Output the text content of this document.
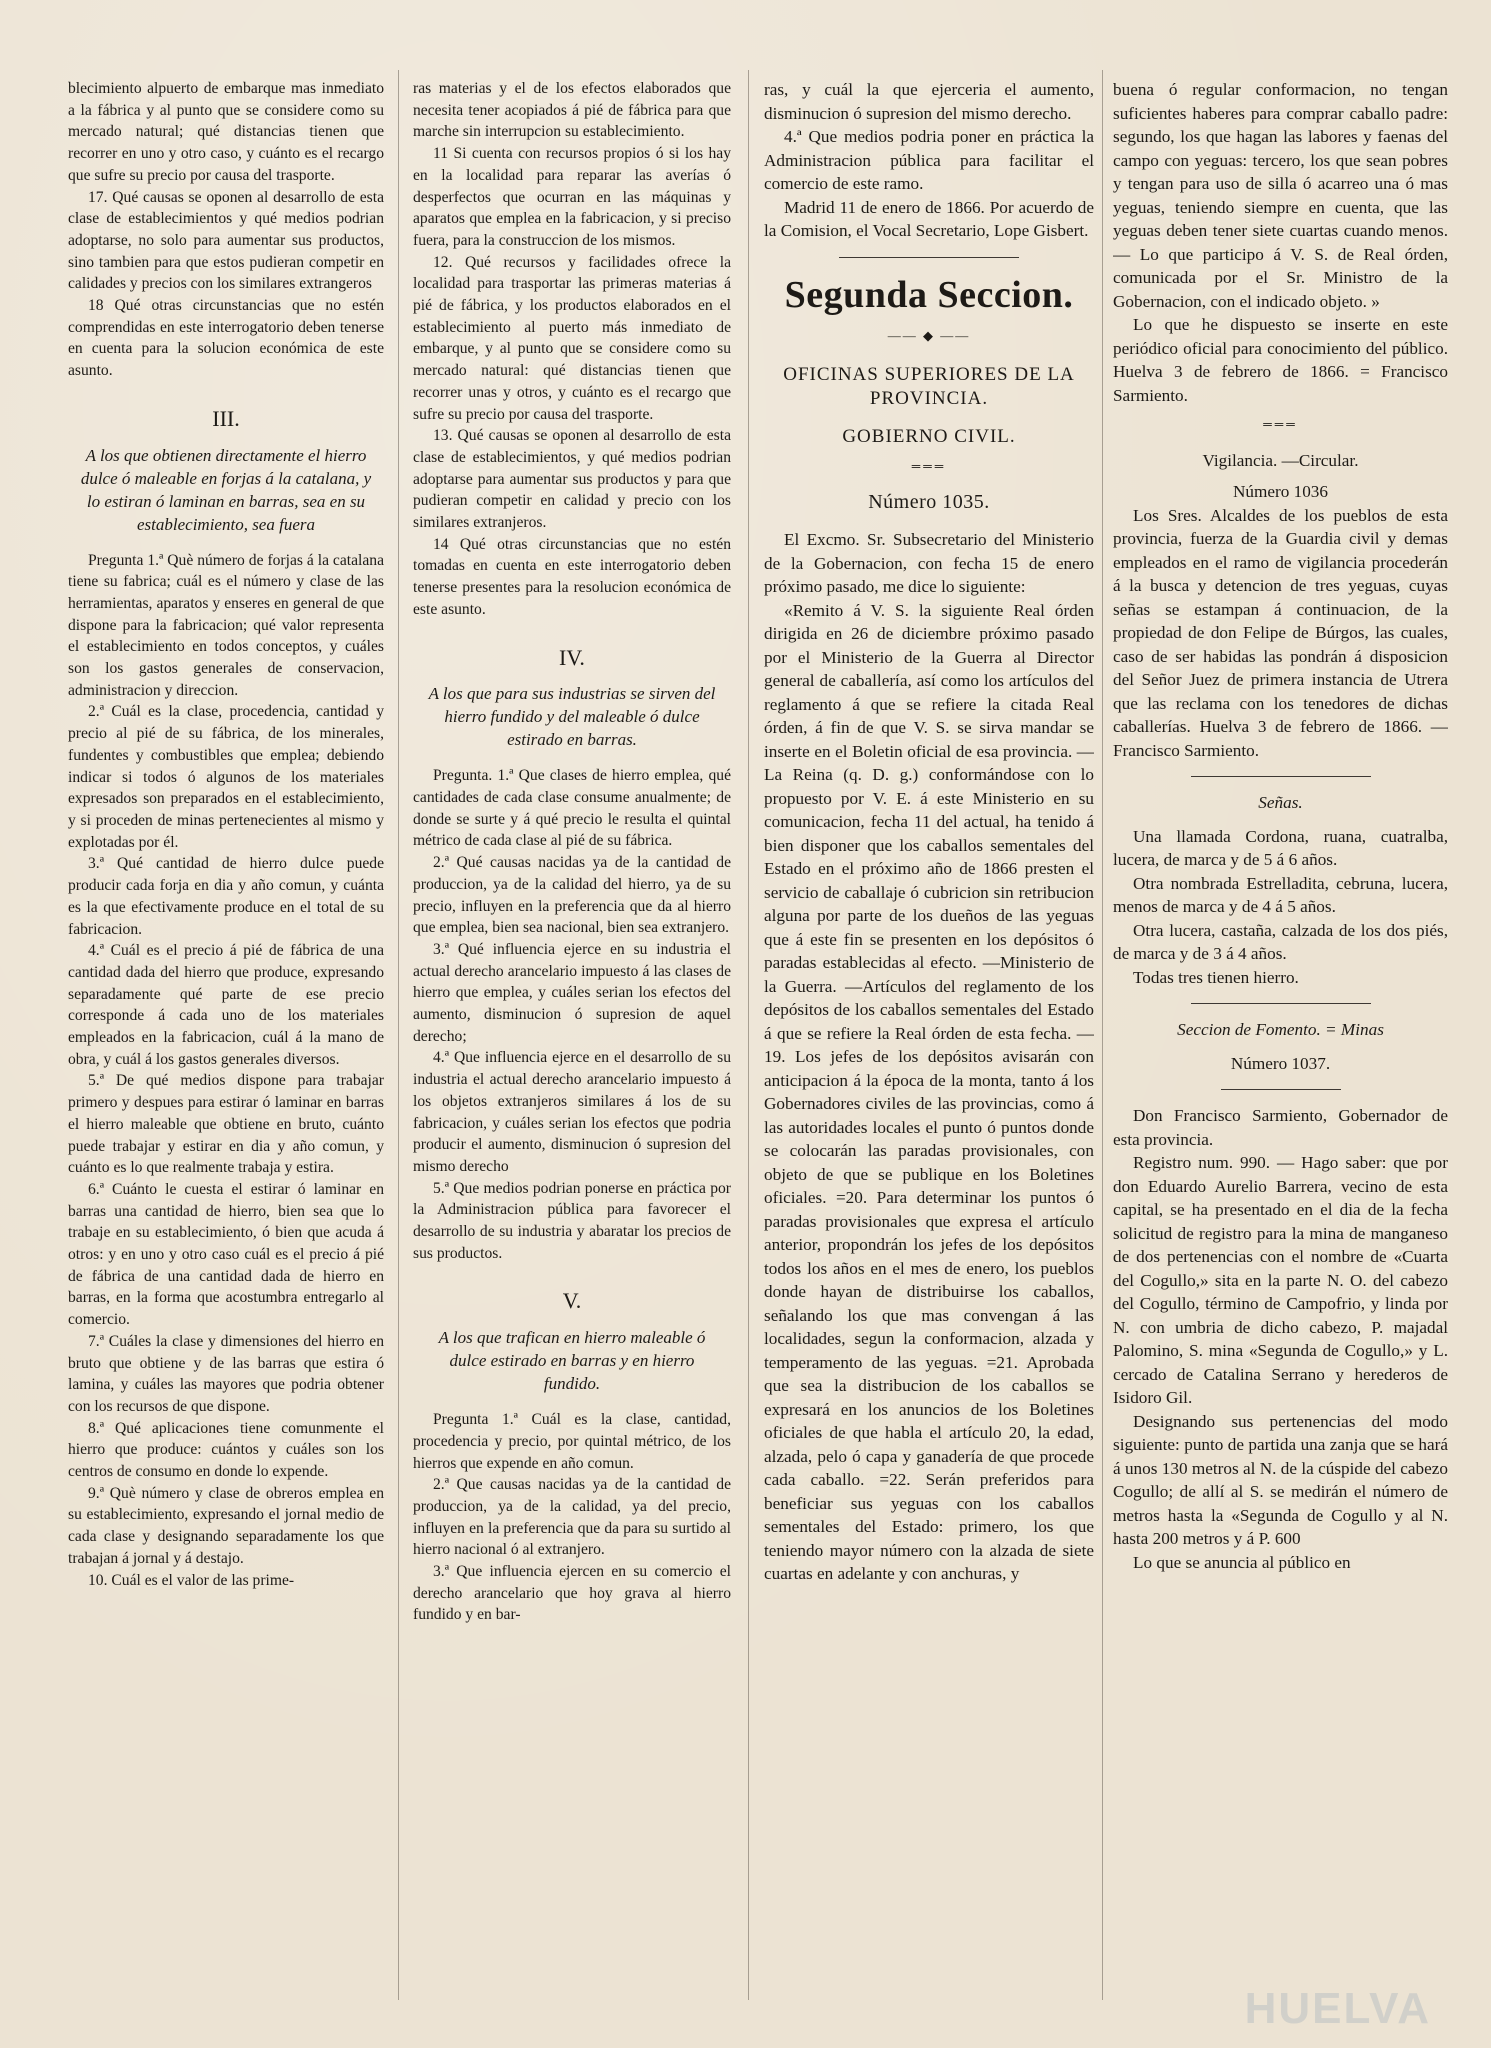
blecimiento alpuerto de embarque mas inmediato a la fábrica y al punto que se considere como su mercado natural; qué distancias tienen que recorrer en uno y otro caso, y cuánto es el recargo que sufre su precio por causa del trasporte.

17. Qué causas se oponen al desarrollo de esta clase de establecimientos y qué medios podrian adoptarse, no solo para aumentar sus productos, sino tambien para que estos pudieran competir en calidades y precios con los similares extrangeros

18 Qué otras circunstancias que no estén comprendidas en este interrogatorio deben tenerse en cuenta para la solucion económica de este asunto.

III.

A los que obtienen directamente el hierro dulce ó maleable en forjas á la catalana, y lo estiran ó laminan en barras, sea en su establecimiento, sea fuera

Pregunta 1.ª Què número de forjas á la catalana tiene su fabrica; cuál es el número y clase de las herramientas, aparatos y enseres en general de que dispone para la fabricacion; qué valor representa el establecimiento en todos conceptos, y cuáles son los gastos generales de conservacion, administracion y direccion.

2.ª Cuál es la clase, procedencia, cantidad y precio al pié de su fábrica, de los minerales, fundentes y combustibles que emplea; debiendo indicar si todos ó algunos de los materiales expresados son preparados en el establecimiento, y si proceden de minas pertenecientes al mismo y explotadas por él.

3.ª Qué cantidad de hierro dulce puede producir cada forja en dia y año comun, y cuánta es la que efectivamente produce en el total de su fabricacion.

4.ª Cuál es el precio á pié de fábrica de una cantidad dada del hierro que produce, expresando separadamente qué parte de ese precio corresponde á cada uno de los materiales empleados en la fabricacion, cuál á la mano de obra, y cuál á los gastos generales diversos.

5.ª De qué medios dispone para trabajar primero y despues para estirar ó laminar en barras el hierro maleable que obtiene en bruto, cuánto puede trabajar y estirar en dia y año comun, y cuánto es lo que realmente trabaja y estira.

6.ª Cuánto le cuesta el estirar ó laminar en barras una cantidad de hierro, bien sea que lo trabaje en su establecimiento, ó bien que acuda á otros: y en uno y otro caso cuál es el precio á pié de fábrica de una cantidad dada de hierro en barras, en la forma que acostumbra entregarlo al comercio.

7.ª Cuáles la clase y dimensiones del hierro en bruto que obtiene y de las barras que estira ó lamina, y cuáles las mayores que podria obtener con los recursos de que dispone.

8.ª Qué aplicaciones tiene comunmente el hierro que produce: cuántos y cuáles son los centros de consumo en donde lo expende.

9.ª Què número y clase de obreros emplea en su establecimiento, expresando el jornal medio de cada clase y designando separadamente los que trabajan á jornal y á destajo.

10. Cuál es el valor de las prime-

ras materias y el de los efectos elaborados que necesita tener acopiados á pié de fábrica para que marche sin interrupcion su establecimiento.

11 Si cuenta con recursos propios ó si los hay en la localidad para reparar las averías ó desperfectos que ocurran en las máquinas y aparatos que emplea en la fabricacion, y si preciso fuera, para la construccion de los mismos.

12. Qué recursos y facilidades ofrece la localidad para trasportar las primeras materias á pié de fábrica, y los productos elaborados en el establecimiento al puerto más inmediato de embarque, y al punto que se considere como su mercado natural: qué distancias tienen que recorrer unas y otros, y cuánto es el recargo que sufre su precio por causa del trasporte.

13. Qué causas se oponen al desarrollo de esta clase de establecimientos, y qué medios podrian adoptarse para aumentar sus productos y para que pudieran competir en calidad y precio con los similares extranjeros.

14 Qué otras circunstancias que no estén tomadas en cuenta en este interrogatorio deben tenerse presentes para la resolucion económica de este asunto.

IV.

A los que para sus industrias se sirven del hierro fundido y del maleable ó dulce estirado en barras.

Pregunta. 1.ª Que clases de hierro emplea, qué cantidades de cada clase consume anualmente; de donde se surte y á qué precio le resulta el quintal métrico de cada clase al pié de su fábrica.

2.ª Qué causas nacidas ya de la cantidad de produccion, ya de la calidad del hierro, ya de su precio, influyen en la preferencia que da al hierro que emplea, bien sea nacional, bien sea extranjero.

3.ª Qué influencia ejerce en su industria el actual derecho arancelario impuesto á las clases de hierro que emplea, y cuáles serian los efectos del aumento, disminucion ó supresion de aquel derecho;

4.ª Que influencia ejerce en el desarrollo de su industria el actual derecho arancelario impuesto á los objetos extranjeros similares á los de su fabricacion, y cuáles serian los efectos que podria producir el aumento, disminucion ó supresion del mismo derecho

5.ª Que medios podrian ponerse en práctica por la Administracion pública para favorecer el desarrollo de su industria y abaratar los precios de sus productos.

V.

A los que trafican en hierro maleable ó dulce estirado en barras y en hierro fundido.

Pregunta 1.ª Cuál es la clase, cantidad, procedencia y precio, por quintal métrico, de los hierros que expende en año comun.

2.ª Que causas nacidas ya de la cantidad de produccion, ya de la calidad, ya del precio, influyen en la preferencia que da para su surtido al hierro nacional ó al extranjero.

3.ª Que influencia ejercen en su comercio el derecho arancelario que hoy grava al hierro fundido y en bar-

ras, y cuál la que ejerceria el aumento, disminucion ó supresion del mismo derecho.

4.ª Que medios podria poner en práctica la Administracion pública para facilitar el comercio de este ramo.

Madrid 11 de enero de 1866. Por acuerdo de la Comision, el Vocal Secretario, Lope Gisbert.

Segunda Seccion.
—— ◆ ——
OFICINAS SUPERIORES DE LA PROVINCIA.
GOBIERNO CIVIL.
═══
Número 1035.

El Excmo. Sr. Subsecretario del Ministerio de la Gobernacion, con fecha 15 de enero próximo pasado, me dice lo siguiente:

«Remito á V. S. la siguiente Real órden dirigida en 26 de diciembre próximo pasado por el Ministerio de la Guerra al Director general de caballería, así como los artículos del reglamento á que se refiere la citada Real órden, á fin de que V. S. se sirva mandar se inserte en el Boletin oficial de esa provincia. —La Reina (q. D. g.) conformándose con lo propuesto por V. E. á este Ministerio en su comunicacion, fecha 11 del actual, ha tenido á bien disponer que los caballos sementales del Estado en el próximo año de 1866 presten el servicio de caballaje ó cubricion sin retribucion alguna por parte de los dueños de las yeguas que á este fin se presenten en los depósitos ó paradas establecidas al efecto. —Ministerio de la Guerra. —Artículos del reglamento de los depósitos de los caballos sementales del Estado á que se refiere la Real órden de esta fecha. —19. Los jefes de los depósitos avisarán con anticipacion á la época de la monta, tanto á los Gobernadores civiles de las provincias, como á las autoridades locales el punto ó puntos donde se colocarán las paradas provisionales, con objeto de que se publique en los Boletines oficiales. =20. Para determinar los puntos ó paradas provisionales que expresa el artículo anterior, propondrán los jefes de los depósitos todos los años en el mes de enero, los pueblos donde hayan de distribuirse los caballos, señalando los que mas convengan á las localidades, segun la conformacion, alzada y temperamento de las yeguas. =21. Aprobada que sea la distribucion de los caballos se expresará en los anuncios de los Boletines oficiales de que habla el artículo 20, la edad, alzada, pelo ó capa y ganadería de que procede cada caballo. =22. Serán preferidos para beneficiar sus yeguas con los caballos sementales del Estado: primero, los que teniendo mayor número con la alzada de siete cuartas en adelante y con anchuras, y

buena ó regular conformacion, no tengan suficientes haberes para comprar caballo padre: segundo, los que hagan las labores y faenas del campo con yeguas: tercero, los que sean pobres y tengan para uso de silla ó acarreo una ó mas yeguas, teniendo siempre en cuenta, que las yeguas deben tener siete cuartas cuando menos. — Lo que participo á V. S. de Real órden, comunicada por el Sr. Ministro de la Gobernacion, con el indicado objeto. »

Lo que he dispuesto se inserte en este periódico oficial para conocimiento del público. Huelva 3 de febrero de 1866. = Francisco Sarmiento.

═══
Vigilancia. —Circular.
Número 1036

Los Sres. Alcaldes de los pueblos de esta provincia, fuerza de la Guardia civil y demas empleados en el ramo de vigilancia procederán á la busca y detencion de tres yeguas, cuyas señas se estampan á continuacion, de la propiedad de don Felipe de Búrgos, las cuales, caso de ser habidas las pondrán á disposicion del Señor Juez de primera instancia de Utrera que las reclama con los tenedores de dichas caballerías. Huelva 3 de febrero de 1866. — Francisco Sarmiento.

Señas.

Una llamada Cordona, ruana, cuatralba, lucera, de marca y de 5 á 6 años.

Otra nombrada Estrelladita, cebruna, lucera, menos de marca y de 4 á 5 años.

Otra lucera, castaña, calzada de los dos piés, de marca y de 3 á 4 años.

Todas tres tienen hierro.

Seccion de Fomento. = Minas
Número 1037.

Don Francisco Sarmiento, Gobernador de esta provincia.

Registro num. 990. — Hago saber: que por don Eduardo Aurelio Barrera, vecino de esta capital, se ha presentado en el dia de la fecha solicitud de registro para la mina de manganeso de dos pertenencias con el nombre de «Cuarta del Cogullo,» sita en la parte N. O. del cabezo del Cogullo, término de Campofrio, y linda por N. con umbria de dicho cabezo, P. majadal Palomino, S. mina «Segunda de Cogullo,» y L. cercado de Catalina Serrano y herederos de Isidoro Gil.

Designando sus pertenencias del modo siguiente: punto de partida una zanja que se hará á unos 130 metros al N. de la cúspide del cabezo Cogullo; de allí al S. se medirán el número de metros hasta la «Segunda de Cogullo y al N. hasta 200 metros y á P. 600

Lo que se anuncia al público en

HUELVA
